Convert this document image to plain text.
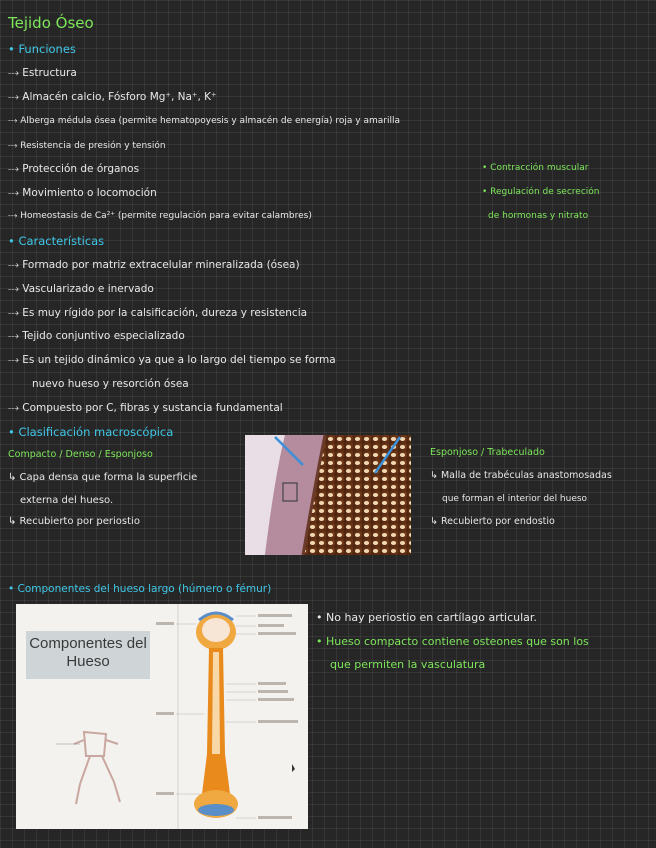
Tejido Óseo
• Funciones
⤏ Estructura
⤏ Almacén calcio, Fósforo Mg⁺, Na⁺, K⁺
⤏ Alberga médula ósea (permite hematopoyesis y almacén de energía) roja y amarilla
⤏ Resistencia de presión y tensión
⤏ Protección de órganos
⤏ Movimiento o locomoción
⤏ Homeostasis de Ca²⁺ (permite regulación para evitar calambres)
• Contracción muscular
• Regulación de secreción
de hormonas y nitrato
• Características
⤏ Formado por matriz extracelular mineralizada (ósea)
⤏ Vascularizado e inervado
⤏ Es muy rígido por la calsificación, dureza y resistencia
⤏ Tejido conjuntivo especializado
⤏ Es un tejido dinámico ya que a lo largo del tiempo se forma
nuevo hueso y resorción ósea
⤏ Compuesto por C, fibras y sustancia fundamental
• Clasificación macroscópica
Compacto / Denso / Esponjoso
↳ Capa densa que forma la superficie
externa del hueso.
↳ Recubierto por periostio
Esponjoso / Trabeculado
↳ Malla de trabéculas anastomosadas
que forman el interior del hueso
↳ Recubierto por endostio
• Componentes del hueso largo (húmero o fémur)
Componentes del Hueso
• No hay periostio en cartílago articular.
• Hueso compacto contiene osteones que son los
que permiten la vasculatura
